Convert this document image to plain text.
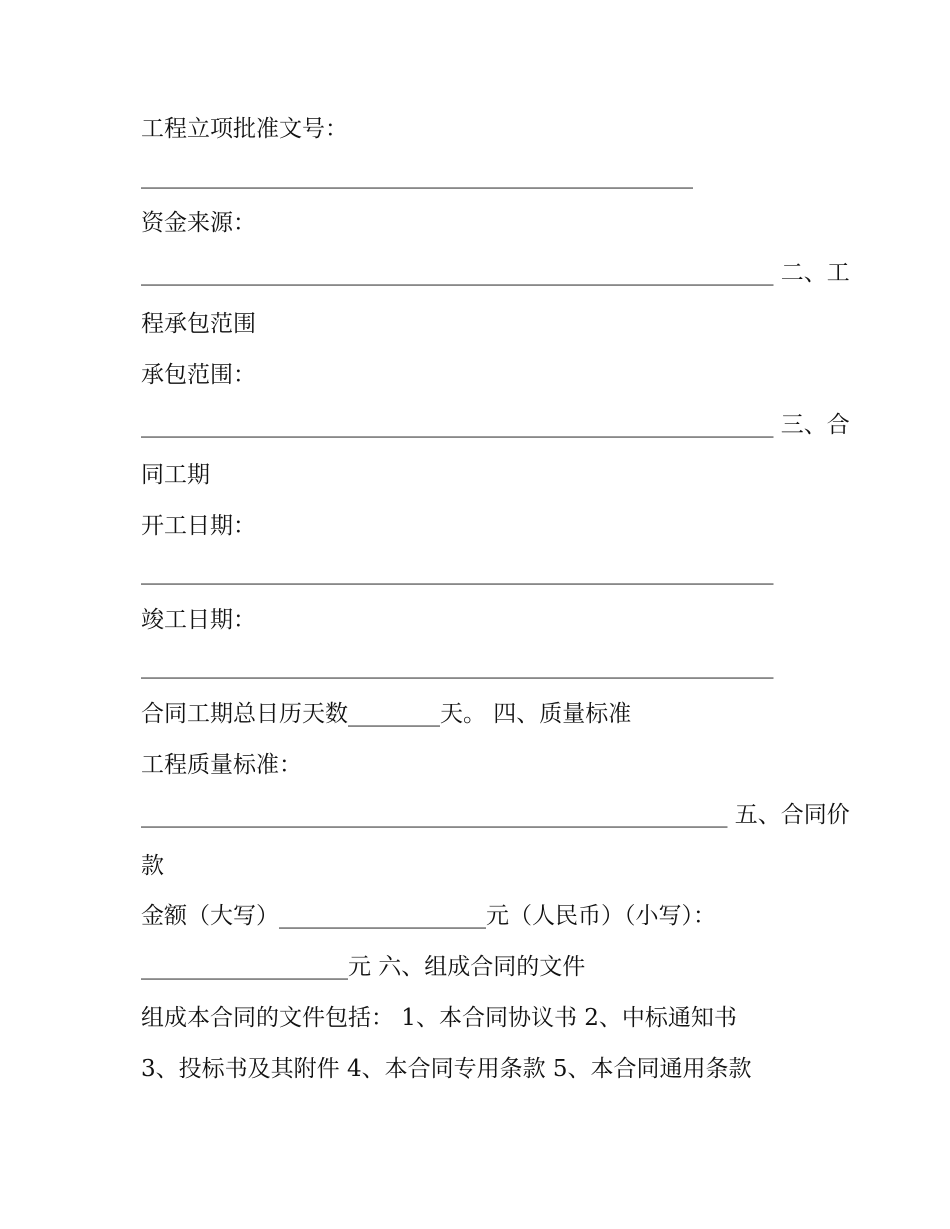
工程立项批准文号：
________________________________________________
资金来源：
_______________________________________________________ 二、工
程承包范围
承包范围：
_______________________________________________________ 三、合
同工期
开工日期：
_______________________________________________________
竣工日期：
_______________________________________________________
合同工期总日历天数________天。 四、质量标准
工程质量标准：
___________________________________________________ 五、合同价
款
金额（大写）__________________元（人民币）（小写）：
__________________元 六、组成合同的文件
组成本合同的文件包括： 1、本合同协议书 2、中标通知书
3、投标书及其附件 4、本合同专用条款 5、本合同通用条款
